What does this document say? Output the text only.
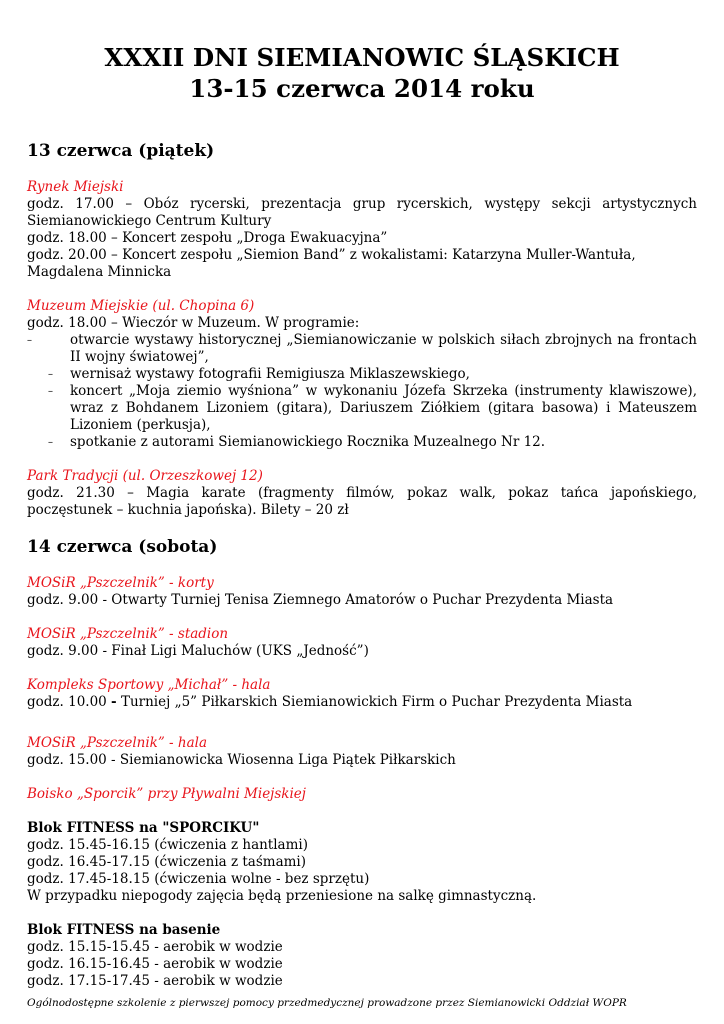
XXXII DNI SIEMIANOWIC ŚLĄSKICH
13-15 czerwca 2014 roku
13 czerwca (piątek)
Rynek Miejski

godz. 17.00 – Obóz rycerski, prezentacja grup rycerskich, występy sekcji artystycznych Siemianowickiego Centrum Kultury

godz. 18.00 – Koncert zespołu „Droga Ewakuacyjna”

godz. 20.00 – Koncert zespołu „Siemion Band” z wokalistami: Katarzyna Muller-Wantuła, Magdalena Minnicka

Muzeum Miejskie (ul. Chopina 6)

godz. 18.00 – Wieczór w Muzeum. W programie:

–	otwarcie wystawy historycznej „Siemianowiczanie w polskich siłach zbrojnych na frontach II wojny światowej”,
– wernisaż wystawy fotografii Remigiusza Miklaszewskiego,
– koncert „Moja ziemio wyśniona” w wykonaniu Józefa Skrzeka (instrumenty klawiszowe), wraz z Bohdanem Lizoniem (gitara), Dariuszem Ziółkiem (gitara basowa) i Mateuszem Lizoniem (perkusja),
– spotkanie z autorami Siemianowickiego Rocznika Muzealnego Nr 12.
Park Tradycji (ul. Orzeszkowej 12)

godz. 21.30 – Magia karate (fragmenty filmów, pokaz walk, pokaz tańca japońskiego, poczęstunek – kuchnia japońska). Bilety – 20 zł

14 czerwca (sobota)
MOSiR „Pszczelnik” - korty

godz. 9.00 - Otwarty Turniej Tenisa Ziemnego Amatorów o Puchar Prezydenta Miasta

MOSiR „Pszczelnik” - stadion

godz. 9.00 - Finał Ligi Maluchów (UKS „Jedność”)

Kompleks Sportowy „Michał” - hala

godz. 10.00 - Turniej „5” Piłkarskich Siemianowickich Firm o Puchar Prezydenta Miasta

MOSiR „Pszczelnik” - hala

godz. 15.00 - Siemianowicka Wiosenna Liga Piątek Piłkarskich

Boisko „Sporcik” przy Pływalni Miejskiej
Blok FITNESS na "SPORCIKU"

godz. 15.45-16.15 (ćwiczenia z hantlami)

godz. 16.45-17.15 (ćwiczenia z taśmami)

godz. 17.45-18.15 (ćwiczenia wolne - bez sprzętu)

W przypadku niepogody zajęcia będą przeniesione na salkę gimnastyczną.

Blok FITNESS na basenie

godz. 15.15-15.45 - aerobik w wodzie

godz. 16.15-16.45 - aerobik w wodzie

godz. 17.15-17.45 - aerobik w wodzie

Ogólnodostępne szkolenie z pierwszej pomocy przedmedycznej prowadzone przez Siemianowicki Oddział WOPR
